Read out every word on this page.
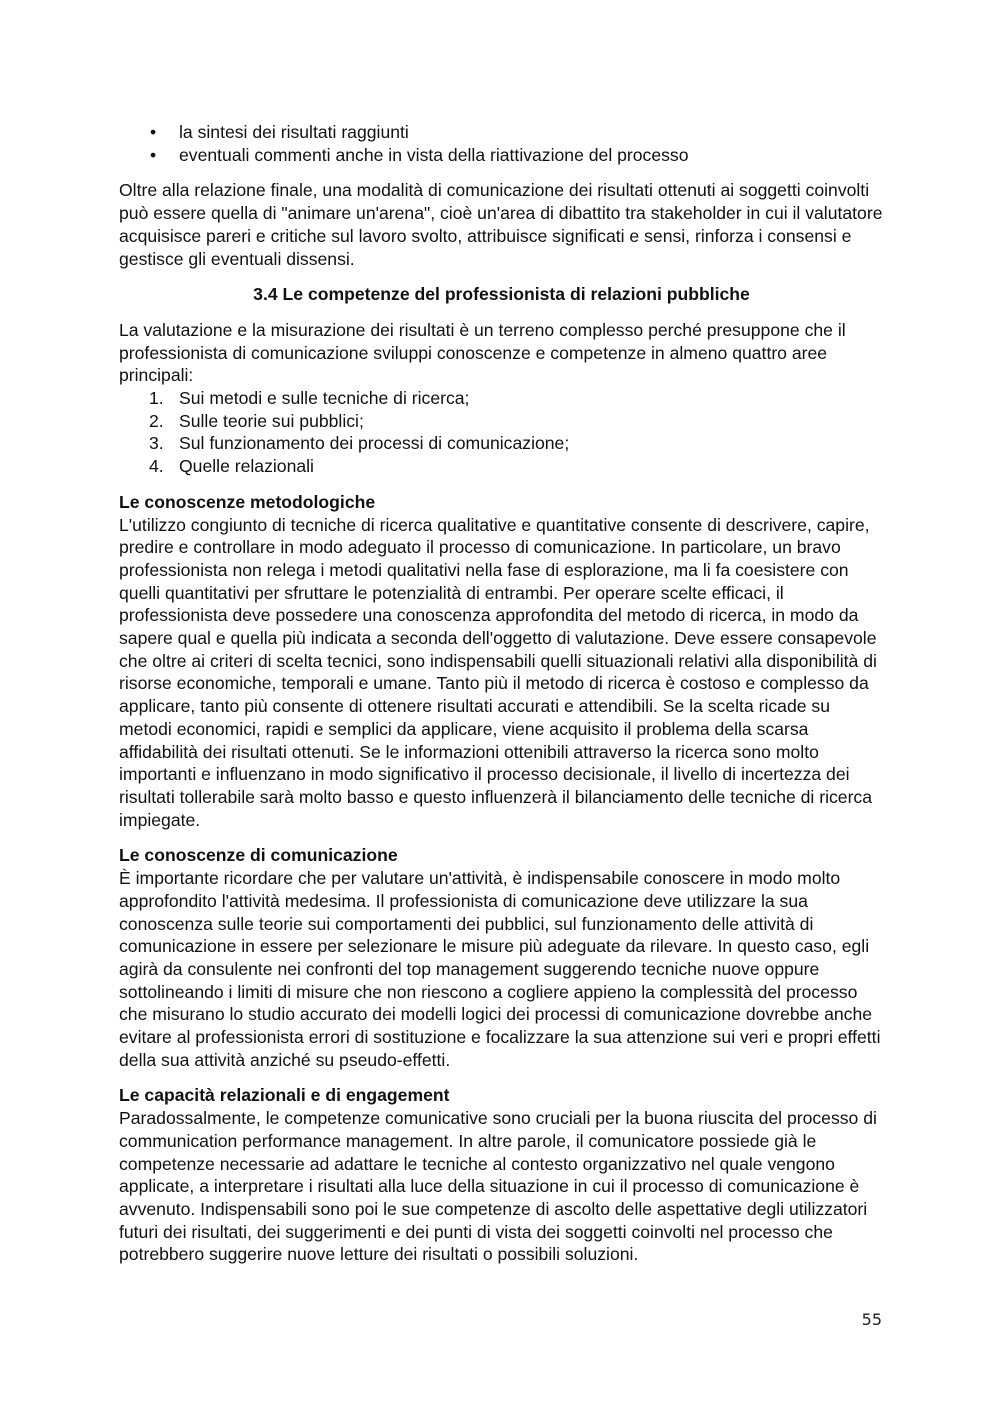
• la sintesi dei risultati raggiunti
• eventuali commenti anche in vista della riattivazione del processo

Oltre alla relazione finale, una modalità di comunicazione dei risultati ottenuti ai soggetti coinvolti può essere quella di "animare un'arena", cioè un'area di dibattito tra stakeholder in cui il valutatore acquisisce pareri e critiche sul lavoro svolto, attribuisce significati e sensi, rinforza i consensi e gestisce gli eventuali dissensi.

3.4 Le competenze del professionista di relazioni pubbliche

La valutazione e la misurazione dei risultati è un terreno complesso perché presuppone che il professionista di comunicazione sviluppi conoscenze e competenze in almeno quattro aree principali:

1. Sui metodi e sulle tecniche di ricerca;
2. Sulle teorie sui pubblici;
3. Sul funzionamento dei processi di comunicazione;
4. Quelle relazionali

Le conoscenze metodologiche

L'utilizzo congiunto di tecniche di ricerca qualitative e quantitative consente di descrivere, capire, predire e controllare in modo adeguato il processo di comunicazione. In particolare, un bravo professionista non relega i metodi qualitativi nella fase di esplorazione, ma li fa coesistere con quelli quantitativi per sfruttare le potenzialità di entrambi. Per operare scelte efficaci, il professionista deve possedere una conoscenza approfondita del metodo di ricerca, in modo da sapere qual e quella più indicata a seconda dell'oggetto di valutazione. Deve essere consapevole che oltre ai criteri di scelta tecnici, sono indispensabili quelli situazionali relativi alla disponibilità di risorse economiche, temporali e umane. Tanto più il metodo di ricerca è costoso e complesso da applicare, tanto più consente di ottenere risultati accurati e attendibili. Se la scelta ricade su metodi economici, rapidi e semplici da applicare, viene acquisito il problema della scarsa affidabilità dei risultati ottenuti. Se le informazioni ottenibili attraverso la ricerca sono molto importanti e influenzano in modo significativo il processo decisionale, il livello di incertezza dei risultati tollerabile sarà molto basso e questo influenzerà il bilanciamento delle tecniche di ricerca impiegate.

Le conoscenze di comunicazione

È importante ricordare che per valutare un'attività, è indispensabile conoscere in modo molto approfondito l'attività medesima. Il professionista di comunicazione deve utilizzare la sua conoscenza sulle teorie sui comportamenti dei pubblici, sul funzionamento delle attività di comunicazione in essere per selezionare le misure più adeguate da rilevare. In questo caso, egli agirà da consulente nei confronti del top management suggerendo tecniche nuove oppure sottolineando i limiti di misure che non riescono a cogliere appieno la complessità del processo che misurano lo studio accurato dei modelli logici dei processi di comunicazione dovrebbe anche evitare al professionista errori di sostituzione e focalizzare la sua attenzione sui veri e propri effetti della sua attività anziché su pseudo-effetti.

Le capacità relazionali e di engagement

Paradossalmente, le competenze comunicative sono cruciali per la buona riuscita del processo di communication performance management. In altre parole, il comunicatore possiede già le competenze necessarie ad adattare le tecniche al contesto organizzativo nel quale vengono applicate, a interpretare i risultati alla luce della situazione in cui il processo di comunicazione è avvenuto. Indispensabili sono poi le sue competenze di ascolto delle aspettative degli utilizzatori futuri dei risultati, dei suggerimenti e dei punti di vista dei soggetti coinvolti nel processo che potrebbero suggerire nuove letture dei risultati o possibili soluzioni.

55
